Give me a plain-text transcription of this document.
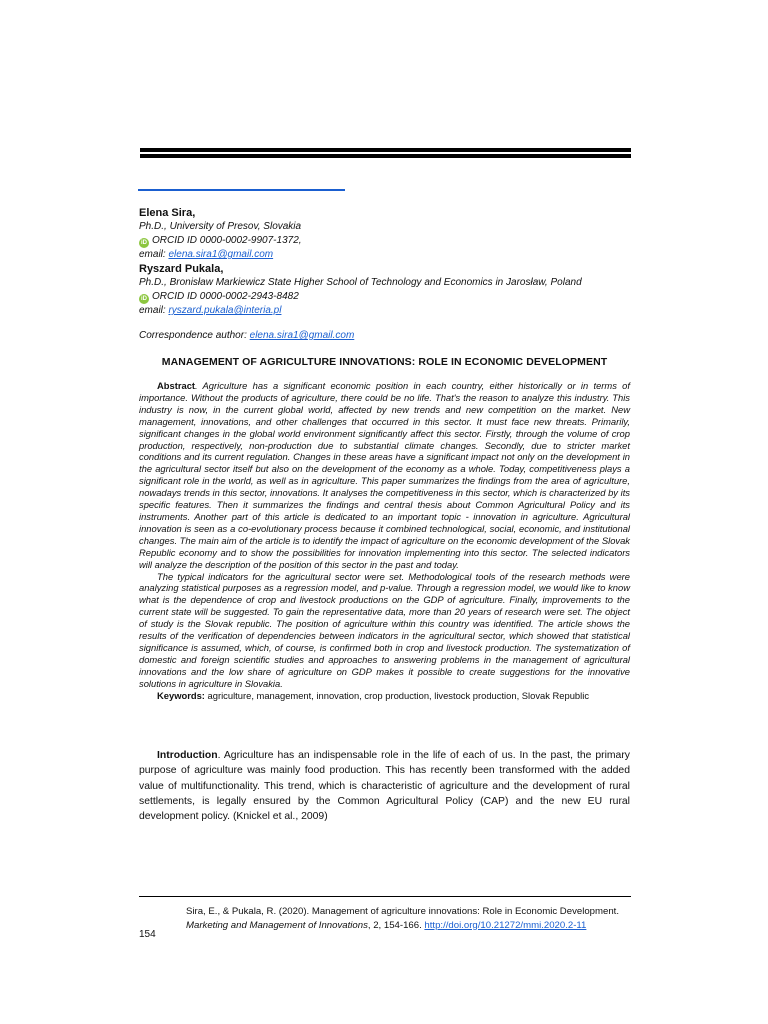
Elena Sira,
Ph.D., University of Presov, Slovakia
iD ORCID ID 0000-0002-9907-1372,
email: elena.sira1@gmail.com
Ryszard Pukala,
Ph.D., Bronisław Markiewicz State Higher School of Technology and Economics in Jarosław, Poland
iD ORCID ID 0000-0002-2943-8482
email: ryszard.pukala@interia.pl
Correspondence author: elena.sira1@gmail.com
MANAGEMENT OF AGRICULTURE INNOVATIONS: ROLE IN ECONOMIC DEVELOPMENT

Abstract. Agriculture has a significant economic position in each country, either historically or in terms of importance. Without the products of agriculture, there could be no life. That's the reason to analyze this industry. This industry is now, in the current global world, affected by new trends and new competition on the market. New management, innovations, and other challenges that occurred in this sector. It must face new threats. Primarily, significant changes in the global world environment significantly affect this sector. Firstly, through the volume of crop production, respectively, non-production due to substantial climate changes. Secondly, due to stricter market conditions and its current regulation. Changes in these areas have a significant impact not only on the development in the agricultural sector itself but also on the development of the economy as a whole. Today, competitiveness plays a significant role in the world, as well as in agriculture. This paper summarizes the findings from the area of agriculture, nowadays trends in this sector, innovations. It analyses the competitiveness in this sector, which is characterized by its specific features. Then it summarizes the findings and central thesis about Common Agricultural Policy and its instruments. Another part of this article is dedicated to an important topic - innovation in agriculture. Agricultural innovation is seen as a co-evolutionary process because it combined technological, social, economic, and institutional changes. The main aim of the article is to identify the impact of agriculture on the economic development of the Slovak Republic economy and to show the possibilities for innovation implementing into this sector. The selected indicators will analyze the description of the position of this sector in the past and today.

The typical indicators for the agricultural sector were set. Methodological tools of the research methods were analyzing statistical purposes as a regression model, and p-value. Through a regression model, we would like to know what is the dependence of crop and livestock productions on the GDP of agriculture. Finally, improvements to the current state will be suggested. To gain the representative data, more than 20 years of research were set. The object of study is the Slovak republic. The position of agriculture within this country was identified. The article shows the results of the verification of dependencies between indicators in the agricultural sector, which showed that statistical significance is assumed, which, of course, is confirmed both in crop and livestock production. The systematization of domestic and foreign scientific studies and approaches to answering problems in the management of agricultural innovations and the low share of agriculture on GDP makes it possible to create suggestions for the innovative solutions in agriculture in Slovakia.

Keywords: agriculture, management, innovation, crop production, livestock production, Slovak Republic

Introduction. Agriculture has an indispensable role in the life of each of us. In the past, the primary purpose of agriculture was mainly food production. This has recently been transformed with the added value of multifunctionality. This trend, which is characteristic of agriculture and the development of rural settlements, is legally ensured by the Common Agricultural Policy (CAP) and the new EU rural development policy. (Knickel et al., 2009)

Sira, E., & Pukala, R. (2020). Management of agriculture innovations: Role in Economic Development.
Marketing and Management of Innovations, 2, 154-166. http://doi.org/10.21272/mmi.2020.2-11
154
